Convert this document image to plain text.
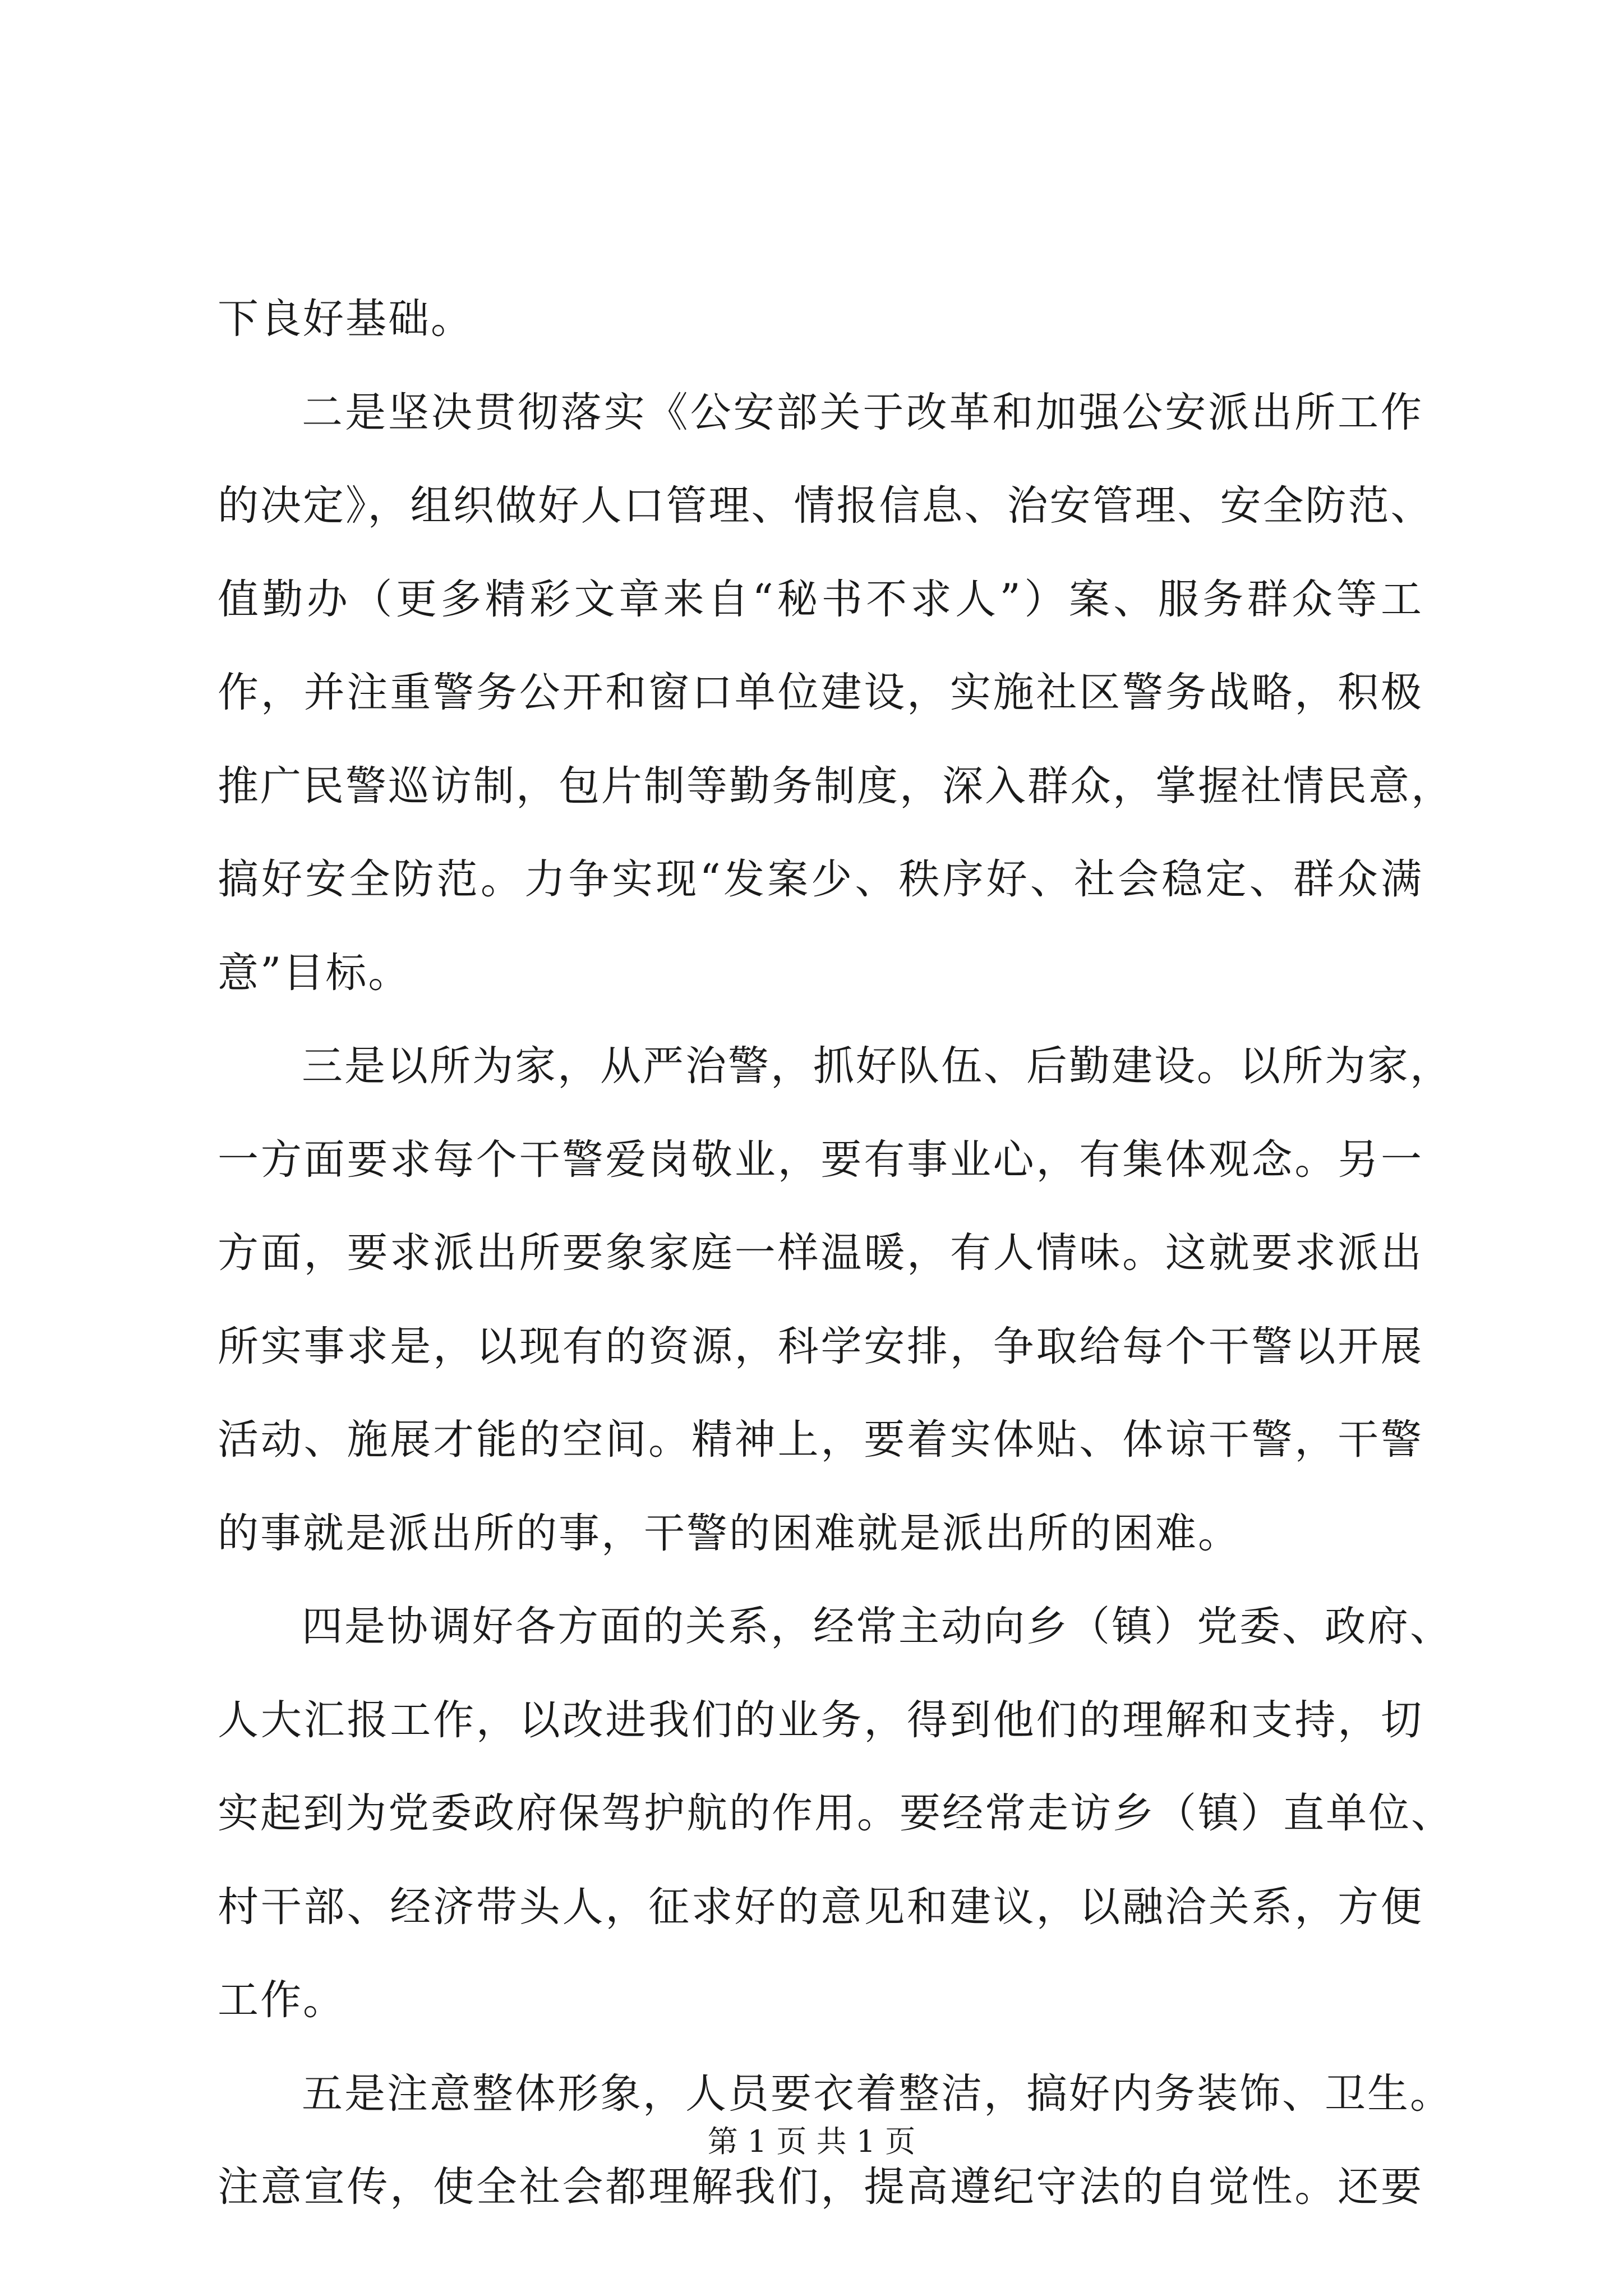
下良好基础。
二是坚决贯彻落实《公安部关于改革和加强公安派出所工作
的决定》，组织做好人口管理、情报信息、治安管理、安全防范、
值勤办（更多精彩文章来自“秘书不求人”）案、服务群众等工
作，并注重警务公开和窗口单位建设，实施社区警务战略，积极
推广民警巡访制，包片制等勤务制度，深入群众，掌握社情民意，
搞好安全防范。力争实现“发案少、秩序好、社会稳定、群众满
意”目标。
三是以所为家，从严治警，抓好队伍、后勤建设。以所为家，
一方面要求每个干警爱岗敬业，要有事业心，有集体观念。另一
方面，要求派出所要象家庭一样温暖，有人情味。这就要求派出
所实事求是，以现有的资源，科学安排，争取给每个干警以开展
活动、施展才能的空间。精神上，要着实体贴、体谅干警，干警
的事就是派出所的事，干警的困难就是派出所的困难。
四是协调好各方面的关系，经常主动向乡（镇）党委、政府、
人大汇报工作，以改进我们的业务，得到他们的理解和支持，切
实起到为党委政府保驾护航的作用。要经常走访乡（镇）直单位、
村干部、经济带头人，征求好的意见和建议，以融洽关系，方便
工作。
五是注意整体形象，人员要衣着整洁，搞好内务装饰、卫生。
注意宣传，使全社会都理解我们，提高遵纪守法的自觉性。还要
第 1 页 共 1 页
